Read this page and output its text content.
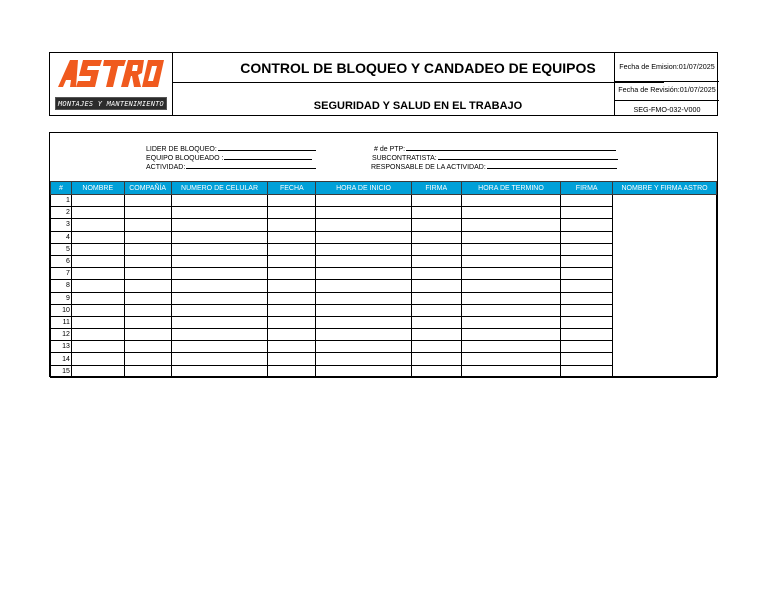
MONTAJES Y MANTENIMIENTO
CONTROL DE BLOQUEO Y CANDADEO DE EQUIPOS
SEGURIDAD Y SALUD EN EL TRABAJO
Fecha de Emision:01/07/2025
Fecha de Revisión:01/07/2025
SEG-FMO-032-V000
LIDER DE BLOQUEO:
EQUIPO BLOQUEADO :
ACTIVIDAD:
# de PTP:
SUBCONTRATISTA:
RESPONSABLE DE LA ACTIVIDAD:
#	NOMBRE	COMPAÑÍA	NUMERO DE CELULAR	FECHA	HORA DE INICIO	FIRMA	HORA DE TERMINO	FIRMA	NOMBRE Y FIRMA ASTRO
1									
2									
3									
4									
5									
6									
7									
8									
9									
10									
11									
12									
13									
14									
15									
